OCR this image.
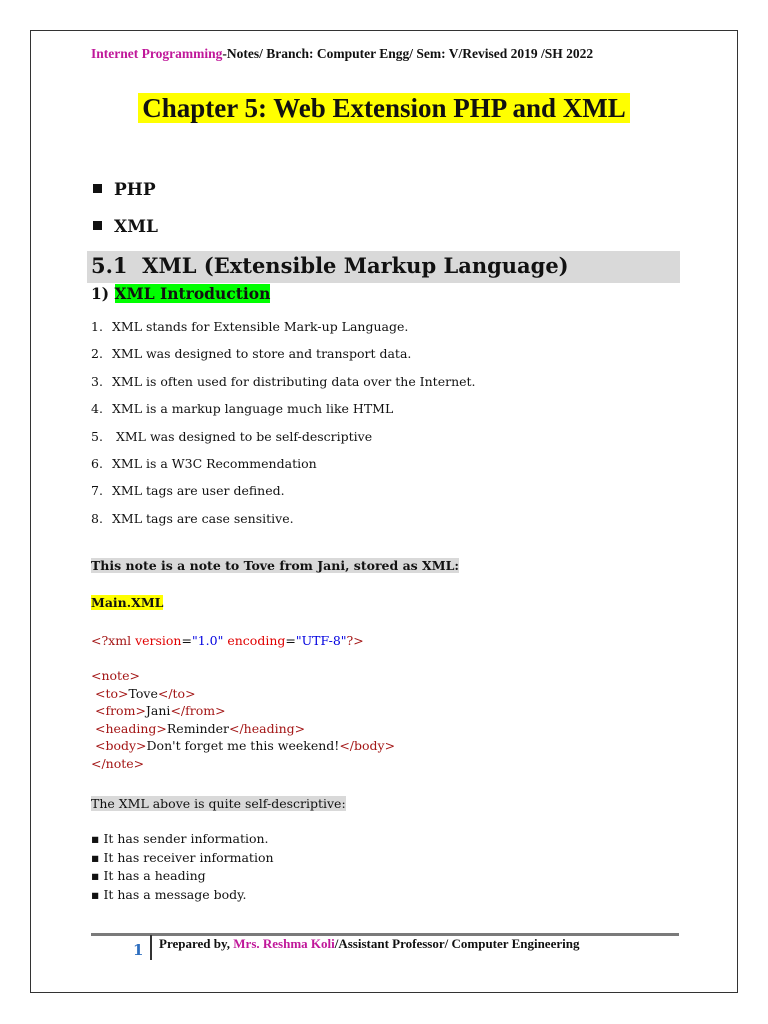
Internet Programming-Notes/ Branch: Computer Engg/ Sem: V/Revised 2019 /SH 2022
Chapter 5: Web Extension PHP and XML
PHP
XML
5.1 XML (Extensible Markup Language)
1) XML Introduction
1. XML stands for Extensible Mark-up Language.
2. XML was designed to store and transport data.
3. XML is often used for distributing data over the Internet.
4. XML is a markup language much like HTML
5. XML was designed to be self-descriptive
6. XML is a W3C Recommendation
7. XML tags are user defined.
8. XML tags are case sensitive.
This note is a note to Tove from Jani, stored as XML:
Main.XML
<?xml version="1.0" encoding="UTF-8"?>
<note>
<to>Tove</to>
<from>Jani</from>
<heading>Reminder</heading>
<body>Don't forget me this weekend!</body>
</note>
The XML above is quite self-descriptive:
▪ It has sender information.
▪ It has receiver information
▪ It has a heading
▪ It has a message body.
1 Prepared by, Mrs. Reshma Koli/Assistant Professor/ Computer Engineering
